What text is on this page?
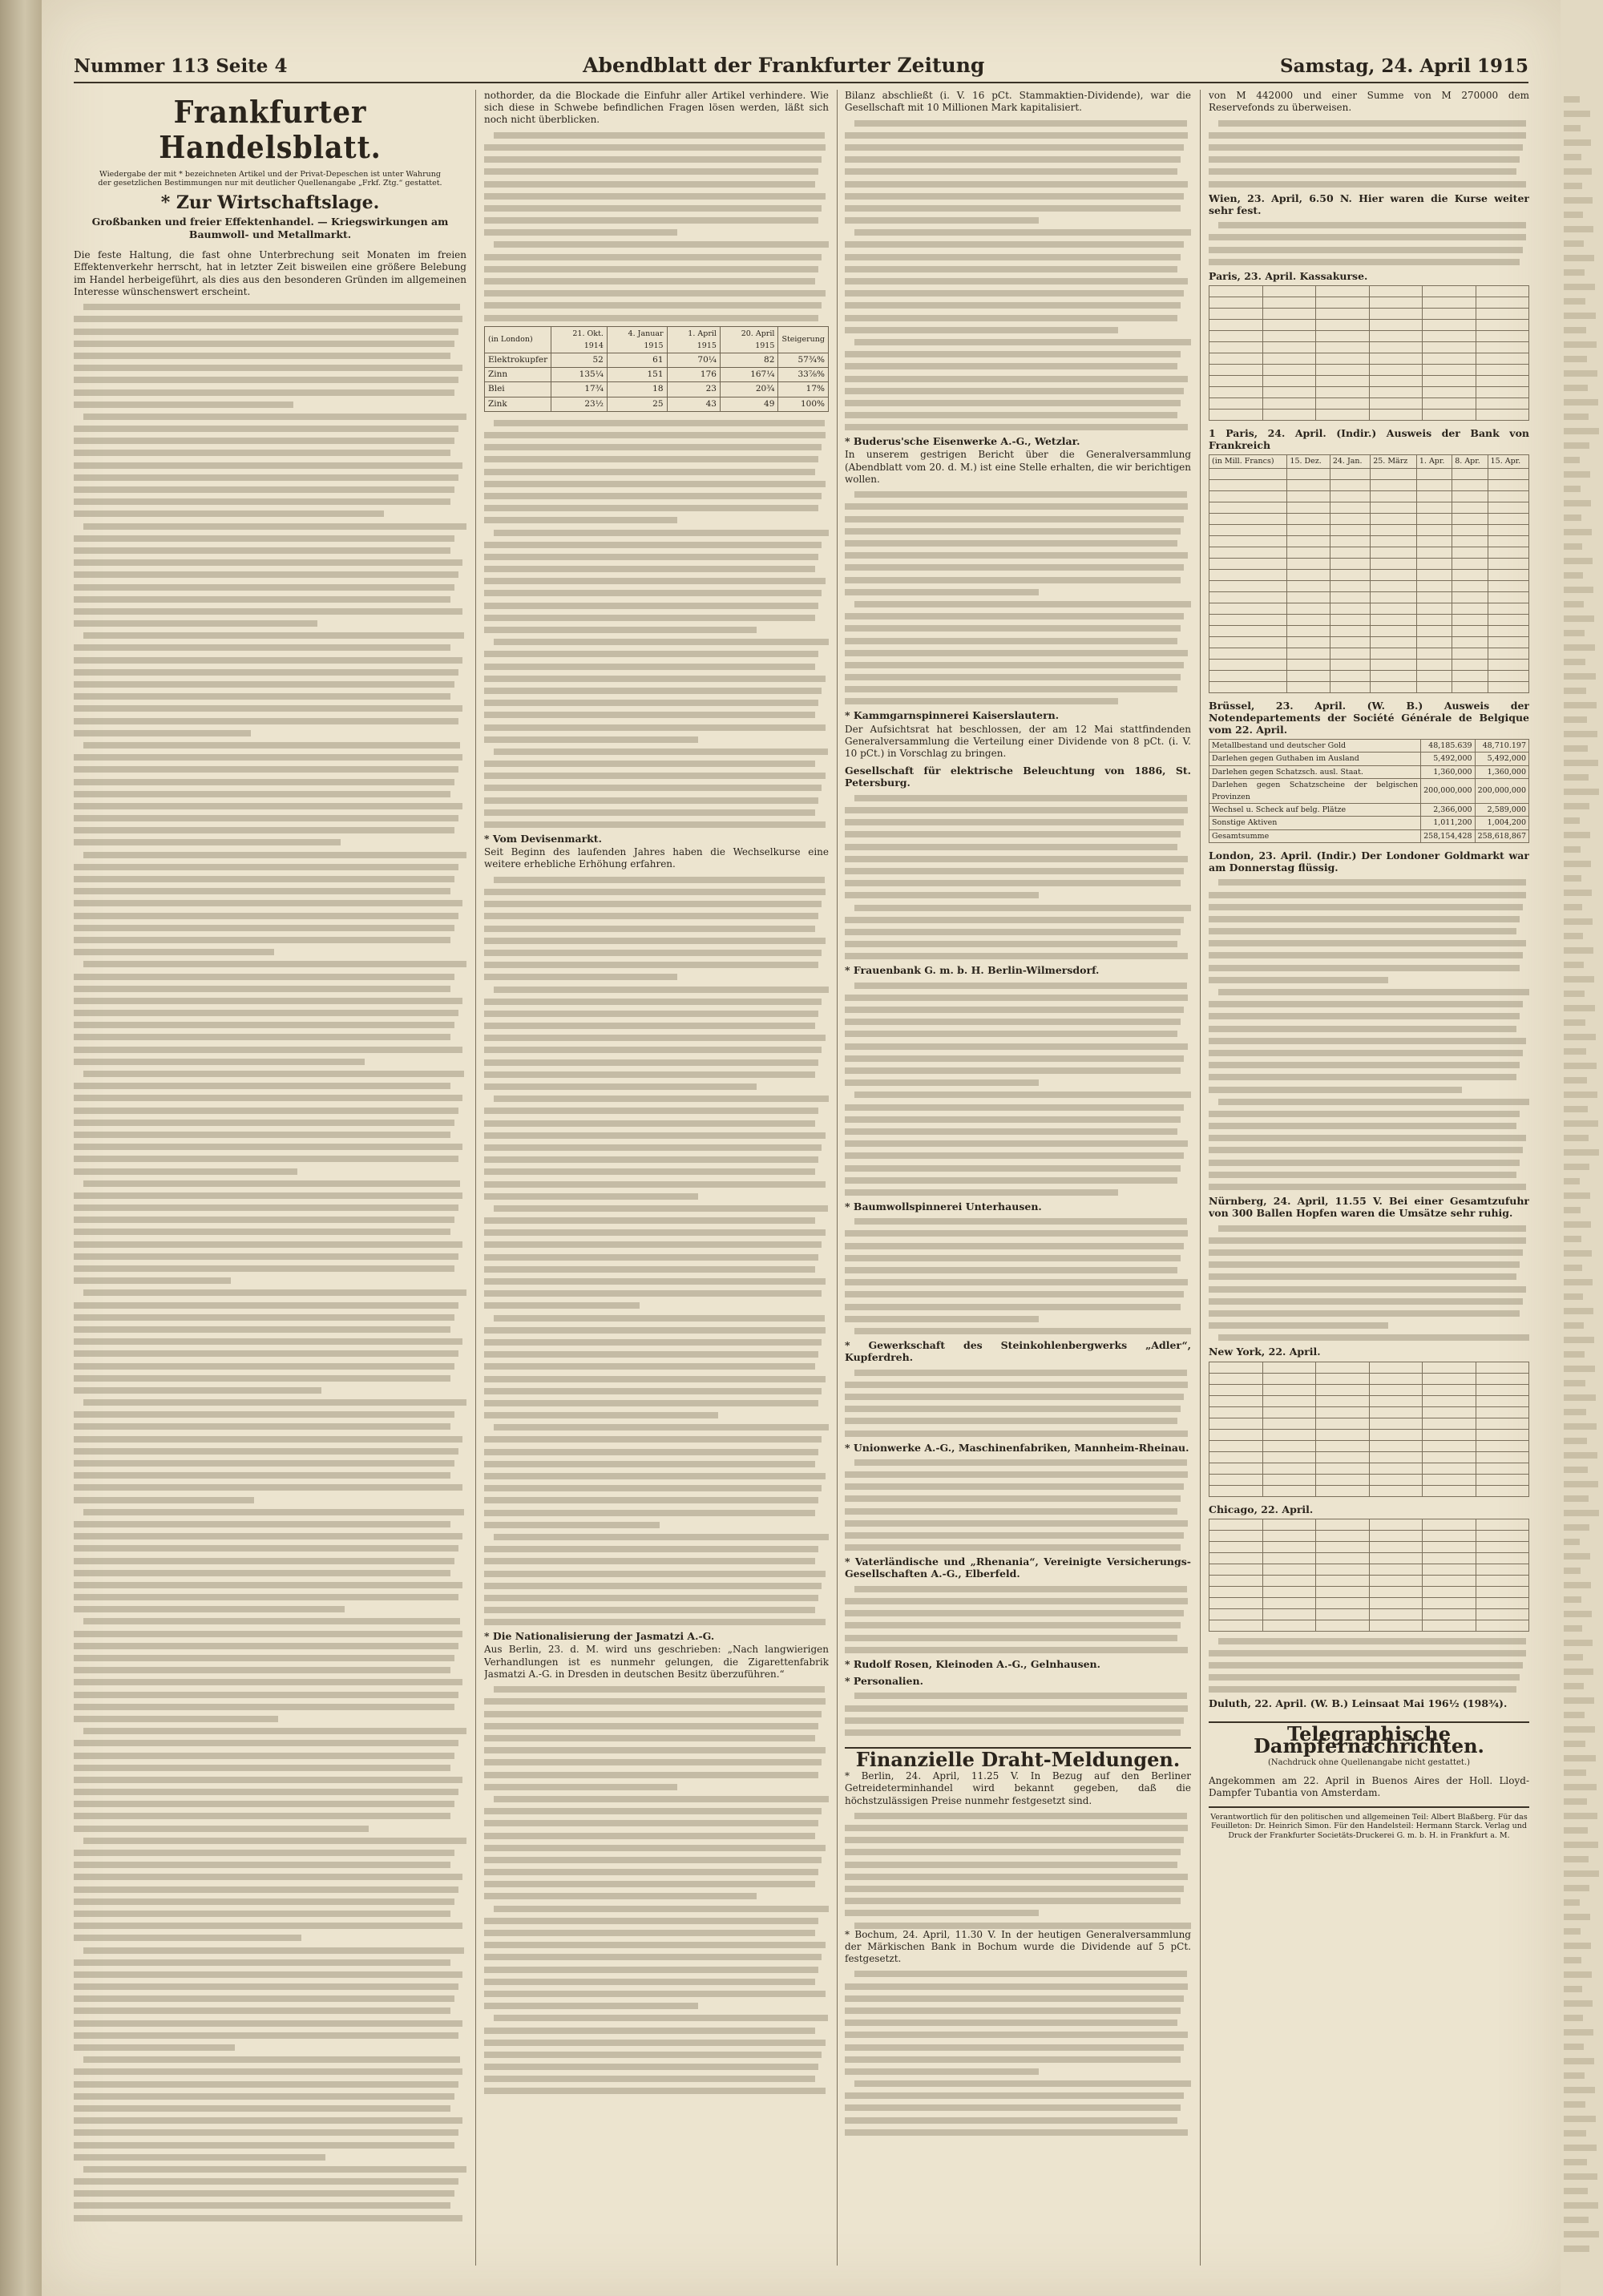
Nummer 113 Seite 4	Abendblatt der Frankfurter Zeitung	Samstag, 24. April 1915
Frankfurter Handelsblatt.
Wiedergabe der mit * bezeichneten Artikel und der Privat-Depeschen ist unter Wahrung der gesetzlichen Bestimmungen nur mit deutlicher Quellenangabe „Frkf. Ztg.“ gestattet.
* Zur Wirtschaftslage.
Großbanken und freier Effektenhandel. — Kriegswirkungen am Baumwoll- und Metallmarkt.

Die feste Haltung, die fast ohne Unterbrechung seit Monaten im freien Effektenverkehr herrscht, hat in letzter Zeit bisweilen eine größere Belebung im Handel herbeigeführt, als dies aus den besonderen Gründen im allgemeinen Interesse wünschenswert erscheint.

nothorder, da die Blockade die Einfuhr aller Artikel verhindere. Wie sich diese in Schwebe befindlichen Fragen lösen werden, läßt sich noch nicht überblicken.

(in London)	21. Okt. 1914	4. Januar 1915	1. April 1915	20. April 1915	Steigerung
Elektrokupfer	52	61	70¼	82	57¾%
Zinn	135¼	151	176	167¼	33⅞%
Blei	17¾	18	23	20¾	17%
Zink	23½	25	43	49	100%
* Vom Devisenmarkt.

Seit Beginn des laufenden Jahres haben die Wechselkurse eine weitere erhebliche Erhöhung erfahren.

* Die Nationalisierung der Jasmatzi A.-G.

Aus Berlin, 23. d. M. wird uns geschrieben: „Nach langwierigen Verhandlungen ist es nunmehr gelungen, die Zigarettenfabrik Jasmatzi A.-G. in Dresden in deutschen Besitz überzuführen.“

Bilanz abschließt (i. V. 16 pCt. Stammaktien-Dividende), war die Gesellschaft mit 10 Millionen Mark kapitalisiert.

* Buderus'sche Eisenwerke A.-G., Wetzlar.

In unserem gestrigen Bericht über die Generalversammlung (Abendblatt vom 20. d. M.) ist eine Stelle erhalten, die wir berichtigen wollen.

* Kammgarnspinnerei Kaiserslautern.

Der Aufsichtsrat hat beschlossen, der am 12 Mai stattfindenden Generalversammlung die Verteilung einer Dividende von 8 pCt. (i. V. 10 pCt.) in Vorschlag zu bringen.

Gesellschaft für elektrische Beleuchtung von 1886, St. Petersburg.
* Frauenbank G. m. b. H. Berlin-Wilmersdorf.
* Baumwollspinnerei Unterhausen.
* Gewerkschaft des Steinkohlenbergwerks „Adler“, Kupferdreh.
* Unionwerke A.-G., Maschinenfabriken, Mannheim-Rheinau.
* Vaterländische und „Rhenania“, Vereinigte Versicherungs-Gesellschaften A.-G., Elberfeld.
* Rudolf Rosen, Kleinoden A.-G., Gelnhausen.
* Personalien.
Finanzielle Draht-Meldungen.

* Berlin, 24. April, 11.25 V. In Bezug auf den Berliner Getreideterminhandel wird bekannt gegeben, daß die höchstzulässigen Preise nunmehr festgesetzt sind.

* Bochum, 24. April, 11.30 V. In der heutigen Generalversammlung der Märkischen Bank in Bochum wurde die Dividende auf 5 pCt. festgesetzt.

von M 442000 und einer Summe von M 270000 dem Reservefonds zu überweisen.

Wien, 23. April, 6.50 N. Hier waren die Kurse weiter sehr fest.
Paris, 23. April. Kassakurse.

1 Paris, 24. April. (Indir.) Ausweis der Bank von Frankreich
(in Mill. Francs)	15. Dez.	24. Jan.	25. März	1. Apr.	8. Apr.	15. Apr.

Brüssel, 23. April. (W. B.) Ausweis der Notendepartements der Société Générale de Belgique vom 22. April.
Metallbestand und deutscher Gold	48,185.639	48,710.197
Darlehen gegen Guthaben im Ausland	5,492,000	5,492,000
Darlehen gegen Schatzsch. ausl. Staat.	1,360,000	1,360,000
Darlehen gegen Schatzscheine der belgischen Provinzen	200,000,000	200,000,000
Wechsel u. Scheck auf belg. Plätze	2,366,000	2,589,000
Sonstige Aktiven	1,011,200	1,004,200
Gesamtsumme	258,154,428	258,618,867
London, 23. April. (Indir.) Der Londoner Goldmarkt war am Donnerstag flüssig.
Nürnberg, 24. April, 11.55 V. Bei einer Gesamtzufuhr von 300 Ballen Hopfen waren die Umsätze sehr ruhig.
New York, 22. April.

Chicago, 22. April.

Duluth, 22. April. (W. B.) Leinsaat Mai 196½ (198¾).
Telegraphische Dampfernachrichten.
(Nachdruck ohne Quellenangabe nicht gestattet.)

Angekommen am 22. April in Buenos Aires der Holl. Lloyd-Dampfer Tubantia von Amsterdam.

Verantwortlich für den politischen und allgemeinen Teil: Albert Blaßberg. Für das Feuilleton: Dr. Heinrich Simon. Für den Handelsteil: Hermann Starck. Verlag und Druck der Frankfurter Societäts-Druckerei G. m. b. H. in Frankfurt a. M.
